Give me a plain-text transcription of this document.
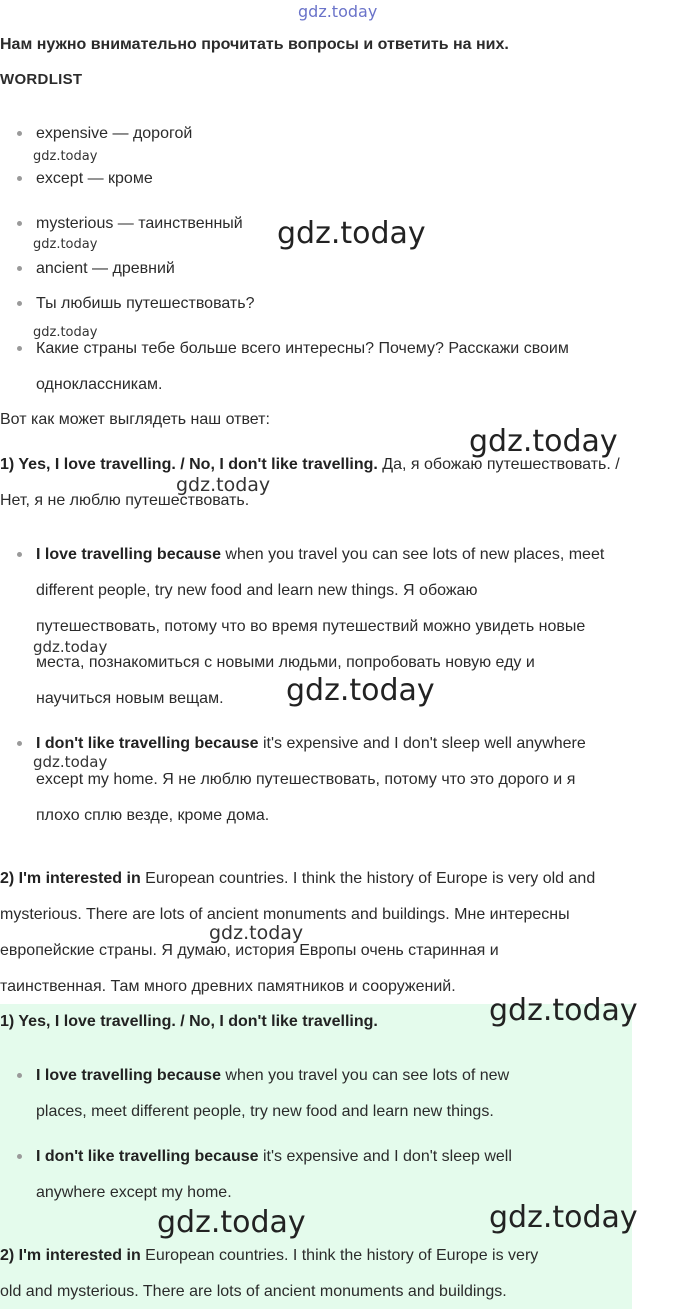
gdz.today

Нам нужно внимательно прочитать вопросы и ответить на них.

WORDLIST

expensive — дорогой
except — кроме
mysterious — таинственный
ancient — древний
Ты любишь путешествовать?
Какие страны тебе больше всего интересны? Почему? Расскажи своим
одноклассникам.

Вот как может выглядеть наш ответ:

1) Yes, I love travelling. / No, I don't like travelling. Да, я обожаю путешествовать. /

Нет, я не люблю путешествовать.

I love travelling because when you travel you can see lots of new places, meet
different people, try new food and learn new things. Я обожаю
путешествовать, потому что во время путешествий можно увидеть новые
места, познакомиться с новыми людьми, попробовать новую еду и
научиться новым вещам.
I don't like travelling because it's expensive and I don't sleep well anywhere
except my home. Я не люблю путешествовать, потому что это дорого и я
плохо сплю везде, кроме дома.

2) I'm interested in European countries. I think the history of Europe is very old and

mysterious. There are lots of ancient monuments and buildings. Мне интересны

европейские страны. Я думаю, история Европы очень старинная и

таинственная. Там много древних памятников и сооружений.

1) Yes, I love travelling. / No, I don't like travelling.

I love travelling because when you travel you can see lots of new
places, meet different people, try new food and learn new things.
I don't like travelling because it's expensive and I don't sleep well
anywhere except my home.

2) I'm interested in European countries. I think the history of Europe is very

old and mysterious. There are lots of ancient monuments and buildings.

gdz.today
gdz.today
gdz.today
gdz.today
gdz.today
gdz.today
gdz.today
gdz.today
gdz.today
gdz.today
gdz.today
gdz.today	gdz.today
